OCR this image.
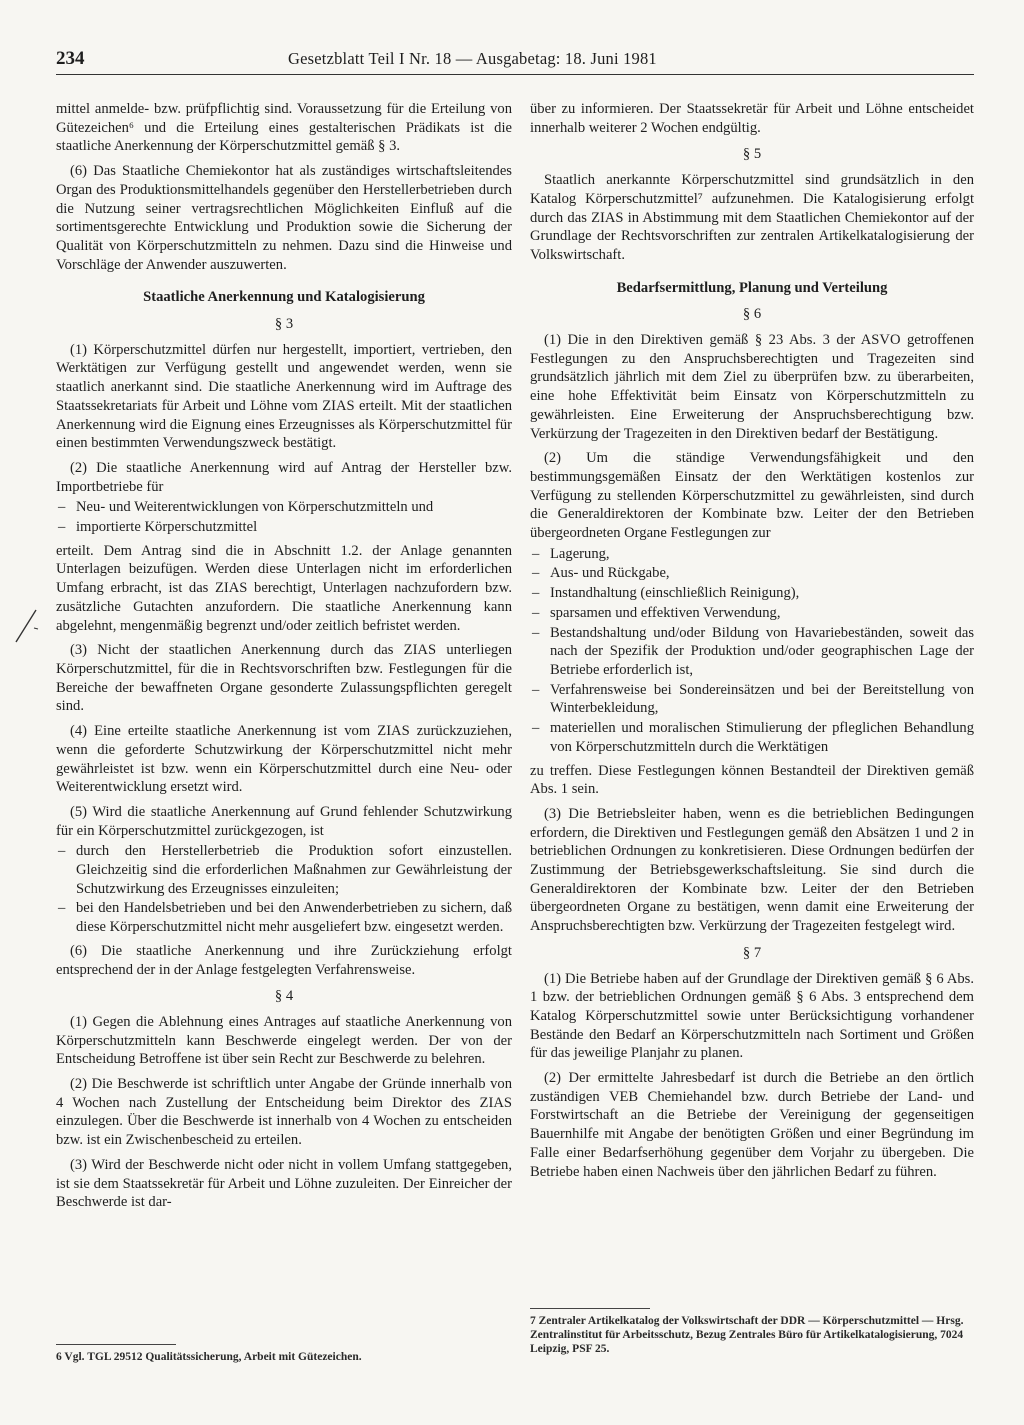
234	Gesetzblatt Teil I Nr. 18 — Ausgabetag: 18. Juni 1981

mittel anmelde- bzw. prüfpflichtig sind. Voraussetzung für die Erteilung von Gütezeichen⁶ und die Erteilung eines gestalterischen Prädikats ist die staatliche Anerkennung der Körperschutzmittel gemäß § 3.

(6) Das Staatliche Chemiekontor hat als zuständiges wirtschaftsleitendes Organ des Produktionsmittelhandels gegenüber den Herstellerbetrieben durch die Nutzung seiner vertragsrechtlichen Möglichkeiten Einfluß auf die sortimentsgerechte Entwicklung und Produktion sowie die Sicherung der Qualität von Körperschutzmitteln zu nehmen. Dazu sind die Hinweise und Vorschläge der Anwender auszuwerten.

Staatliche Anerkennung und Katalogisierung

§ 3

(1) Körperschutzmittel dürfen nur hergestellt, importiert, vertrieben, den Werktätigen zur Verfügung gestellt und angewendet werden, wenn sie staatlich anerkannt sind. Die staatliche Anerkennung wird im Auftrage des Staatssekretariats für Arbeit und Löhne vom ZIAS erteilt. Mit der staatlichen Anerkennung wird die Eignung eines Erzeugnisses als Körperschutzmittel für einen bestimmten Verwendungszweck bestätigt.

(2) Die staatliche Anerkennung wird auf Antrag der Hersteller bzw. Importbetriebe für

– Neu- und Weiterentwicklungen von Körperschutzmitteln und
– importierte Körperschutzmittel

erteilt. Dem Antrag sind die in Abschnitt 1.2. der Anlage genannten Unterlagen beizufügen. Werden diese Unterlagen nicht im erforderlichen Umfang erbracht, ist das ZIAS berechtigt, Unterlagen nachzufordern bzw. zusätzliche Gutachten anzufordern. Die staatliche Anerkennung kann abgelehnt, mengenmäßig begrenzt und/oder zeitlich befristet werden.

(3) Nicht der staatlichen Anerkennung durch das ZIAS unterliegen Körperschutzmittel, für die in Rechtsvorschriften bzw. Festlegungen für die Bereiche der bewaffneten Organe gesonderte Zulassungspflichten geregelt sind.

(4) Eine erteilte staatliche Anerkennung ist vom ZIAS zurückzuziehen, wenn die geforderte Schutzwirkung der Körperschutzmittel nicht mehr gewährleistet ist bzw. wenn ein Körperschutzmittel durch eine Neu- oder Weiterentwicklung ersetzt wird.

(5) Wird die staatliche Anerkennung auf Grund fehlender Schutzwirkung für ein Körperschutzmittel zurückgezogen, ist

– durch den Herstellerbetrieb die Produktion sofort einzustellen. Gleichzeitig sind die erforderlichen Maßnahmen zur Gewährleistung der Schutzwirkung des Erzeugnisses einzuleiten;
– bei den Handelsbetrieben und bei den Anwenderbetrieben zu sichern, daß diese Körperschutzmittel nicht mehr ausgeliefert bzw. eingesetzt werden.

(6) Die staatliche Anerkennung und ihre Zurückziehung erfolgt entsprechend der in der Anlage festgelegten Verfahrensweise.

§ 4

(1) Gegen die Ablehnung eines Antrages auf staatliche Anerkennung von Körperschutzmitteln kann Beschwerde eingelegt werden. Der von der Entscheidung Betroffene ist über sein Recht zur Beschwerde zu belehren.

(2) Die Beschwerde ist schriftlich unter Angabe der Gründe innerhalb von 4 Wochen nach Zustellung der Entscheidung beim Direktor des ZIAS einzulegen. Über die Beschwerde ist innerhalb von 4 Wochen zu entscheiden bzw. ist ein Zwischenbescheid zu erteilen.

(3) Wird der Beschwerde nicht oder nicht in vollem Umfang stattgegeben, ist sie dem Staatssekretär für Arbeit und Löhne zuzuleiten. Der Einreicher der Beschwerde ist dar-

über zu informieren. Der Staatssekretär für Arbeit und Löhne entscheidet innerhalb weiterer 2 Wochen endgültig.

§ 5

Staatlich anerkannte Körperschutzmittel sind grundsätzlich in den Katalog Körperschutzmittel⁷ aufzunehmen. Die Katalogisierung erfolgt durch das ZIAS in Abstimmung mit dem Staatlichen Chemiekontor auf der Grundlage der Rechtsvorschriften zur zentralen Artikelkatalogisierung der Volkswirtschaft.

Bedarfsermittlung, Planung und Verteilung

§ 6

(1) Die in den Direktiven gemäß § 23 Abs. 3 der ASVO getroffenen Festlegungen zu den Anspruchsberechtigten und Tragezeiten sind grundsätzlich jährlich mit dem Ziel zu überprüfen bzw. zu überarbeiten, eine hohe Effektivität beim Einsatz von Körperschutzmitteln zu gewährleisten. Eine Erweiterung der Anspruchsberechtigung bzw. Verkürzung der Tragezeiten in den Direktiven bedarf der Bestätigung.

(2) Um die ständige Verwendungsfähigkeit und den bestimmungsgemäßen Einsatz der den Werktätigen kostenlos zur Verfügung zu stellenden Körperschutzmittel zu gewährleisten, sind durch die Generaldirektoren der Kombinate bzw. Leiter der den Betrieben übergeordneten Organe Festlegungen zur

– Lagerung,
– Aus- und Rückgabe,
– Instandhaltung (einschließlich Reinigung),
– sparsamen und effektiven Verwendung,
– Bestandshaltung und/oder Bildung von Havariebeständen, soweit das nach der Spezifik der Produktion und/oder geographischen Lage der Betriebe erforderlich ist,
– Verfahrensweise bei Sondereinsätzen und bei der Bereitstellung von Winterbekleidung,
– materiellen und moralischen Stimulierung der pfleglichen Behandlung von Körperschutzmitteln durch die Werktätigen

zu treffen. Diese Festlegungen können Bestandteil der Direktiven gemäß Abs. 1 sein.

(3) Die Betriebsleiter haben, wenn es die betrieblichen Bedingungen erfordern, die Direktiven und Festlegungen gemäß den Absätzen 1 und 2 in betrieblichen Ordnungen zu konkretisieren. Diese Ordnungen bedürfen der Zustimmung der Betriebsgewerkschaftsleitung. Sie sind durch die Generaldirektoren der Kombinate bzw. Leiter der den Betrieben übergeordneten Organe zu bestätigen, wenn damit eine Erweiterung der Anspruchsberechtigten bzw. Verkürzung der Tragezeiten festgelegt wird.

§ 7

(1) Die Betriebe haben auf der Grundlage der Direktiven gemäß § 6 Abs. 1 bzw. der betrieblichen Ordnungen gemäß § 6 Abs. 3 entsprechend dem Katalog Körperschutzmittel sowie unter Berücksichtigung vorhandener Bestände den Bedarf an Körperschutzmitteln nach Sortiment und Größen für das jeweilige Planjahr zu planen.

(2) Der ermittelte Jahresbedarf ist durch die Betriebe an den örtlich zuständigen VEB Chemiehandel bzw. durch Betriebe der Land- und Forstwirtschaft an die Betriebe der Vereinigung der gegenseitigen Bauernhilfe mit Angabe der benötigten Größen und einer Begründung im Falle einer Bedarfserhöhung gegenüber dem Vorjahr zu übergeben. Die Betriebe haben einen Nachweis über den jährlichen Bedarf zu führen.

6 Vgl. TGL 29512 Qualitätssicherung, Arbeit mit Gütezeichen.
7 Zentraler Artikelkatalog der Volkswirtschaft der DDR — Körperschutzmittel — Hrsg. Zentralinstitut für Arbeitsschutz, Bezug Zentrales Büro für Artikelkatalogisierung, 7024 Leipzig, PSF 25.
